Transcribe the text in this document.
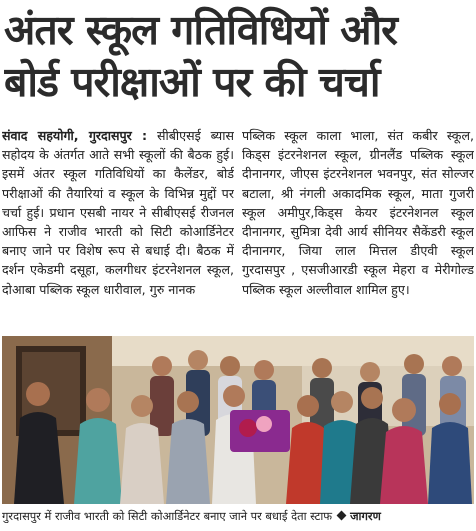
अंतर स्कूल गतिविधियों और
बोर्ड परीक्षाओं पर की चर्चा
संवाद सहयोगी, गुरदासपुर : सीबीएसई ब्यास सहोदय के अंतर्गत आते सभी स्कूलों की बैठक हुई। इसमें अंतर स्कूल गतिविधियों का कैलेंडर, बोर्ड परीक्षाओं की तैयारियां व स्कूल के विभिन्न मुद्दों पर चर्चा हुई। प्रधान एसबी नायर ने सीबीएसई रीजनल आफिस ने राजीव भारती को सिटी कोआर्डिनेटर बनाए जाने पर विशेष रूप से बधाई दी। बैठक में दर्शन एकेडमी दसूहा, कलगीधर इंटरनेशनल स्कूल, दोआबा पब्लिक स्कूल धारीवाल, गुरु नानक
पब्लिक स्कूल काला भाला, संत कबीर स्कूल, किड्स इंटरनेशनल स्कूल, ग्रीनलैंड पब्लिक स्कूल दीनानगर, जीएस इंटरनेशनल भवनपुर, संत सोल्जर बटाला, श्री नंगली अकादमिक स्कूल, माता गुजरी स्कूल अमीपुर,किड्स केयर इंटरनेशनल स्कूल दीनानगर, सुमित्रा देवी आर्य सीनियर सैकेंडरी स्कूल दीनानगर, जिया लाल मित्तल डीएवी स्कूल गुरदासपुर , एसजीआरडी स्कूल मेहरा व मेरीगोल्ड पब्लिक स्कूल अल्लीवाल शामिल हुए।
गुरदासपुर में राजीव भारती को सिटी कोआर्डिनेटर बनाए जाने पर बधाई देता स्टाफ जागरण
